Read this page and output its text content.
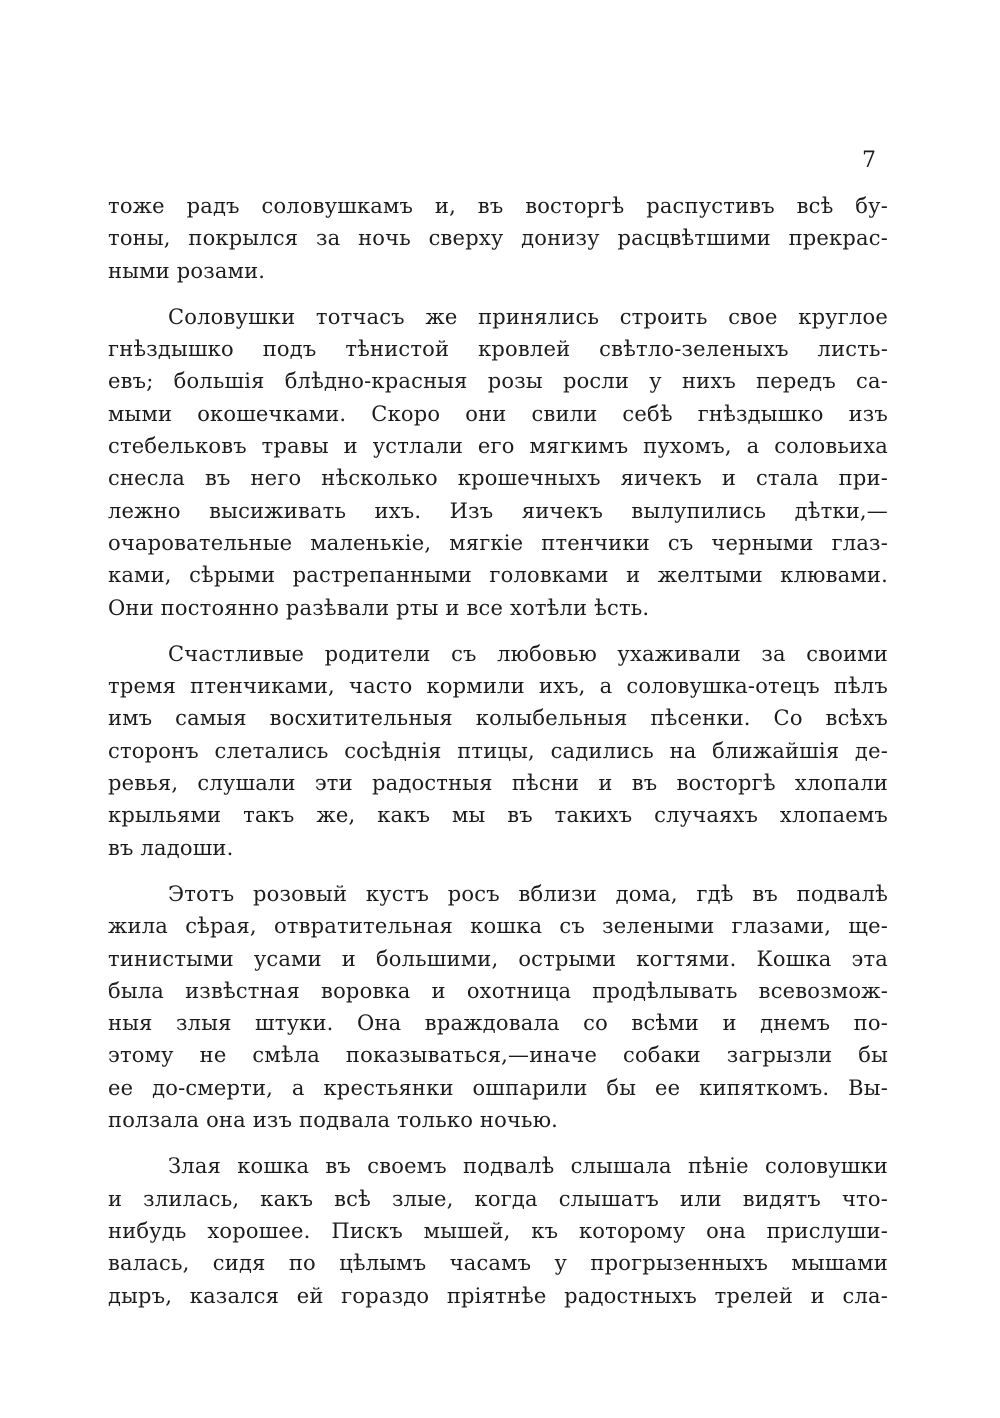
7
тоже радъ соловушкамъ и, въ восторгѣ распустивъ всѣ бу-
тоны, покрылся за ночь сверху донизу расцвѣтшими прекрас-
ными розами.
Соловушки тотчасъ же принялись строить свое круглое
гнѣздышко подъ тѣнистой кровлей свѣтло-зеленыхъ листь-
евъ; большія блѣдно-красныя розы росли у нихъ передъ са-
мыми окошечками. Скоро они свили себѣ гнѣздышко изъ
стебельковъ травы и устлали его мягкимъ пухомъ, а соловьиха
снесла въ него нѣсколько крошечныхъ яичекъ и стала при-
лежно высиживать ихъ. Изъ яичекъ вылупились дѣтки,—
очаровательные маленькіе, мягкіе птенчики съ черными глаз-
ками, сѣрыми растрепанными головками и желтыми клювами.
Они постоянно разѣвали рты и все хотѣли ѣсть.
Счастливые родители съ любовью ухаживали за своими
тремя птенчиками, часто кормили ихъ, а соловушка-отецъ пѣлъ
имъ самыя восхитительныя колыбельныя пѣсенки. Со всѣхъ
сторонъ слетались сосѣднія птицы, садились на ближайшія де-
ревья, слушали эти радостныя пѣсни и въ восторгѣ хлопали
крыльями такъ же, какъ мы въ такихъ случаяхъ хлопаемъ
въ ладоши.
Этотъ розовый кустъ росъ вблизи дома, гдѣ въ подвалѣ
жила сѣрая, отвратительная кошка съ зелеными глазами, ще-
тинистыми усами и большими, острыми когтями. Кошка эта
была извѣстная воровка и охотница продѣлывать всевозмож-
ныя злыя штуки. Она враждовала со всѣми и днемъ по-
этому не смѣла показываться,—иначе собаки загрызли бы
ее до-смерти, а крестьянки ошпарили бы ее кипяткомъ. Вы-
ползала она изъ подвала только ночью.
Злая кошка въ своемъ подвалѣ слышала пѣніе соловушки
и злилась, какъ всѣ злые, когда слышатъ или видятъ что-
нибудь хорошее. Пискъ мышей, къ которому она прислуши-
валась, сидя по цѣлымъ часамъ у прогрызенныхъ мышами
дыръ, казался ей гораздо пріятнѣе радостныхъ трелей и сла-
